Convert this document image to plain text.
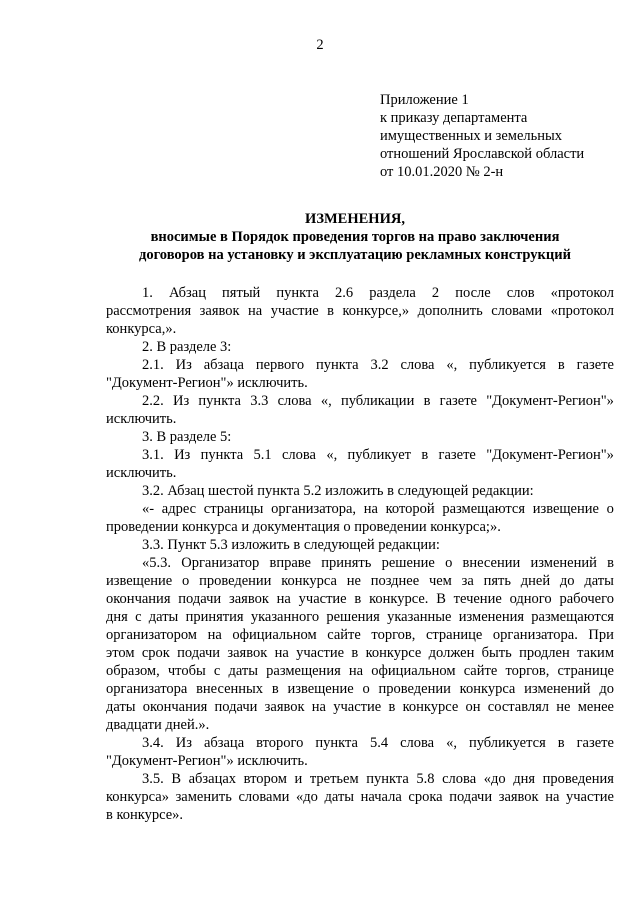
2
Приложение 1
к приказу департамента
имущественных и земельных
отношений Ярославской области
от 10.01.2020 № 2-н
ИЗМЕНЕНИЯ,
вносимые в Порядок проведения торгов на право заключения
договоров на установку и эксплуатацию рекламных конструкций
1. Абзац пятый пункта 2.6 раздела 2 после слов «протокол
рассмотрения заявок на участие в конкурсе,» дополнить словами «протокол
конкурса,».
2. В разделе 3:
2.1. Из абзаца первого пункта 3.2 слова «, публикуется в газете
"Документ-Регион"» исключить.
2.2. Из пункта 3.3 слова «, публикации в газете "Документ-Регион"»
исключить.
3. В разделе 5:
3.1. Из пункта 5.1 слова «, публикует в газете "Документ-Регион"»
исключить.
3.2. Абзац шестой пункта 5.2 изложить в следующей редакции:
«- адрес страницы организатора, на которой размещаются извещение о
проведении конкурса и документация о проведении конкурса;».
3.3. Пункт 5.3 изложить в следующей редакции:
«5.3. Организатор вправе принять решение о внесении изменений в
извещение о проведении конкурса не позднее чем за пять дней до даты
окончания подачи заявок на участие в конкурсе. В течение одного рабочего
дня с даты принятия указанного решения указанные изменения размещаются
организатором на официальном сайте торгов, странице организатора. При
этом срок подачи заявок на участие в конкурсе должен быть продлен таким
образом, чтобы с даты размещения на официальном сайте торгов, странице
организатора внесенных в извещение о проведении конкурса изменений до
даты окончания подачи заявок на участие в конкурсе он составлял не менее
двадцати дней.».
3.4. Из абзаца второго пункта 5.4 слова «, публикуется в газете
"Документ-Регион"» исключить.
3.5. В абзацах втором и третьем пункта 5.8 слова «до дня проведения
конкурса» заменить словами «до даты начала срока подачи заявок на участие
в конкурсе».
